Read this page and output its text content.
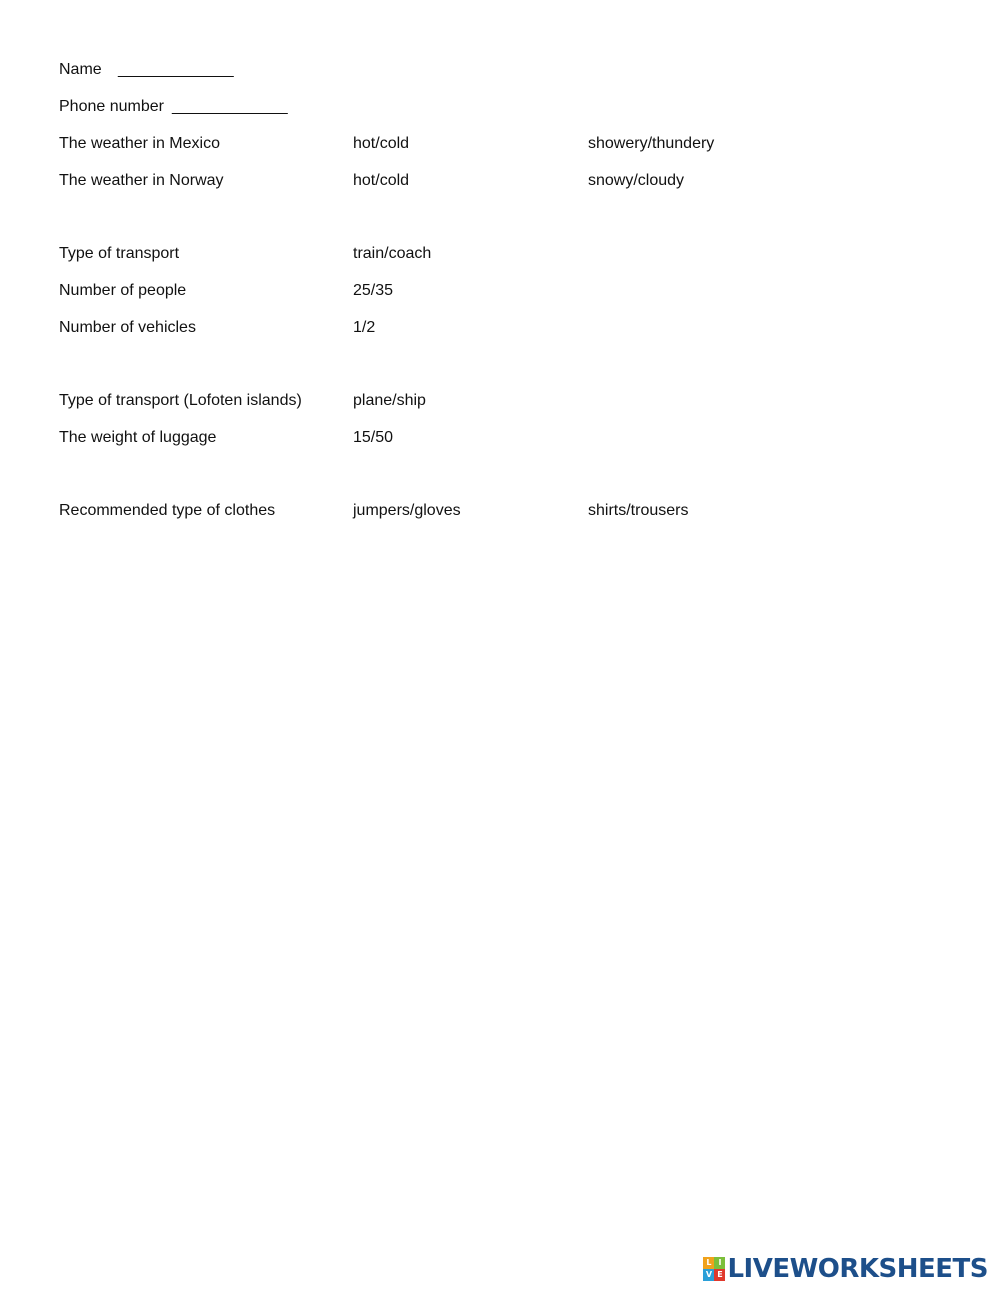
Name _____________
Phone number _____________
The weather in Mexico	hot/cold	showery/thundery
The weather in Norway	hot/cold	snowy/cloudy
Type of transport	train/coach
Number of people	25/35
Number of vehicles	1/2
Type of transport (Lofoten islands)	plane/ship
The weight of luggage	15/50
Recommended type of clothes	jumpers/gloves	shirts/trousers
L I
V E LIVEWORKSHEETS
